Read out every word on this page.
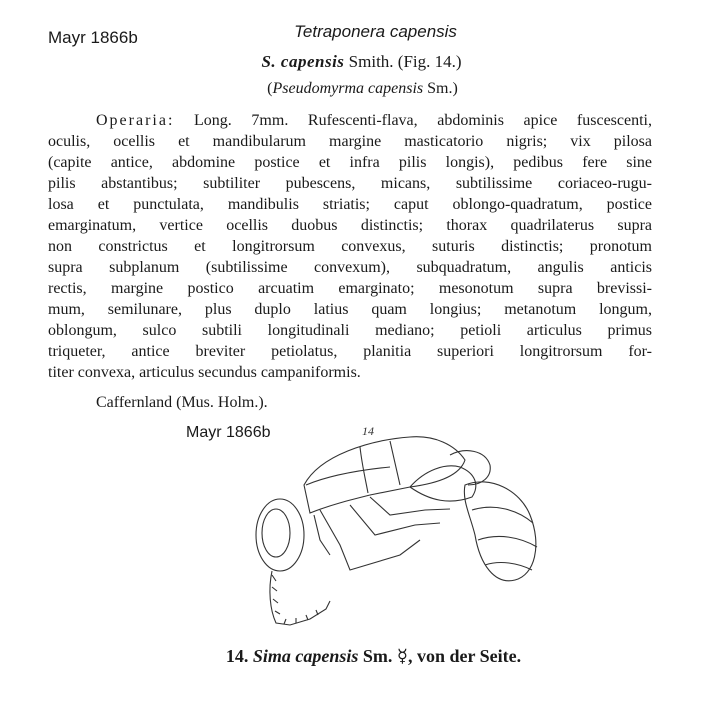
Mayr 1866b	Tetraponera capensis
S. capensis Smith. (Fig. 14.)
(Pseudomyrma capensis Sm.)
Operaria: Long. 7mm. Rufescenti-flava, abdominis apice fuscescenti,
oculis, ocellis et mandibularum margine masticatorio nigris; vix pilosa
(capite antice, abdomine postice et infra pilis longis), pedibus fere sine
pilis abstantibus; subtiliter pubescens, micans, subtilissime coriaceo-rugu-
losa et punctulata, mandibulis striatis; caput oblongo-quadratum, postice
emarginatum, vertice ocellis duobus distinctis; thorax quadrilaterus supra
non constrictus et longitrorsum convexus, suturis distinctis; pronotum
supra subplanum (subtilissime convexum), subquadratum, angulis anticis
rectis, margine postico arcuatim emarginato; mesonotum supra brevissi-
mum, semilunare, plus duplo latius quam longius; metanotum longum,
oblongum, sulco subtili longitudinali mediano; petioli articulus primus
triqueter, antice breviter petiolatus, planitia superiori longitrorsum for-
titer convexa, articulus secundus campaniformis.
Caffernland (Mus. Holm.).
Mayr 1866b	14
14. Sima capensis Sm. ☿, von der Seite.
